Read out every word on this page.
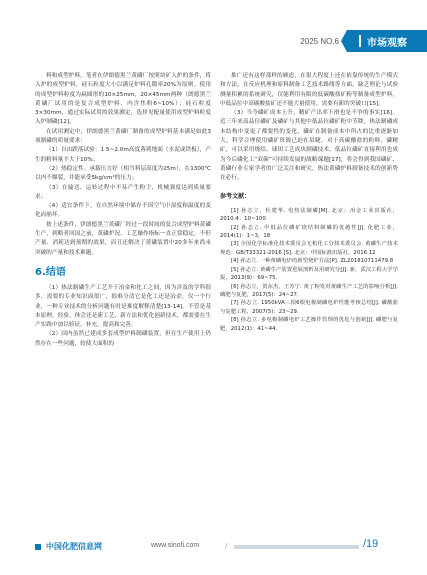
2025 NO.6	市场观察

料和成型炉料。笔者在伊朗德黑兰黄磷厂按照块矿入炉的条件，将入炉的成型炉料，硅石粒度大小以满足炉料孔隙率20%为原则。使用的成型炉料粒度为扁圆形的10×25mm，20×45mm两种（朗德黑兰黄磷厂试用的是复合成型炉料，内含焦粉6~10%）；硅石粒度3×30mm，通过实际试用的效果测定，选择见配量使用成型炉料粒度入炉制磷[12]。

在试用测定中，伊朗德黑兰黄磷厂制备的成型炉料基本满足如此3项制磷的质量要求：

（1）自由跌落试验：1.5~2.0m高度落到地面（水泥或铁板），产生的粉料量不大于10%；

（2）热稳定性、承载压力好（相当料层高度为25m），在1300℃以内不爆裂，并能承受5kg/cm²的压力；

（3）在输送、运转过程中不易产生粉尘，机械强度达到质量要求；

（4）适宜条件下，在自然环境中储存不因空气中湿度和温度的变化而崩坏。

按上述条件，伊朗德黑兰黄磷厂经过一段时间的复合成型炉料黄磷生产，到略者回国之前，黄磷炉况，工艺操作指标一直正常稳定，不但产量、消耗达到预期的效果，而且还解决了黄磷装置中20多年来尚未突破的产量和技术难题。

6.结语

（1）热法制磷生产工艺介于冶金和化工之间，因为涉及的学科很多，需要的专业知识面很广，很难分清它是化工还是冶金，仅一个行业，一种专业技术的分析问题有时是难度解释清楚[13-14]。不管是基本原理，经验，体会还是新工艺、新方法和优化创新技术，都需要在生产实践中加以验证，补充，提高和完善。

（2）国内虽然已建成多套成型炉料制磷装置，但在生产使用上仍然存在一些问题，较使大面积的

推广还有这样那样的顾虑，在很大程度上还在依靠传统的生产模式和方法，在反应机理和原料制备工艺技术路线等方面，缺乏理论与试验测量积累的系统研究，仅能利用有限的低碳酸盐矿粉等制备成型炉料，中低品位中高碳酸盐矿还不能大量使用，需要有新的突破口[15]。

（3）当今磷矿成本上升，精矿产出率下滑也是不争的事实[16]。近三年来高品位磷矿及磷矿与其他中低品位磷矿粉中节降，热法制磷成本结构中变更了都要性的变化，磷矿在制备成本中所占的比重逐渐加大，科学合理使用磷矿资源已迫在眉睫，对于高碳酸盐的粉料，磷精矿，可以采用烧结、球团工艺成块制磷技术，低品位磷矿直接利用也成为今后磷化工“双碳”可持续发展的战略课题[17]，将会得到我国磷矿、黄磷行业专家学者的广泛关注和研究，热法黄磷炉料制备技术的创新势在必行。

参考文献：

[1] 孙志立，杜建华. 电热法制磷[M]. 北京：冶金工业出版社，2010.4：10~100

[2] 孙志立. 中低品位磷矿烧结料制磷的优越性[J]. 化肥工业，2014(1)：1~3，18

[3] 全国化学标准化技术委员会无机化工分技术委员会. 黄磷生产技术规范：GB/T33321-2016 [S]. 北京：中国标准出版社，2016.12

[4] 孙志立. 一种黄磷电炉的新型烧炉方法[P]. ZL201810711479.8

[5] 孙志立. 黄磷生产装置进展剖析及用研究分[J]. 新，武汉工程大学学报，2013(9)：69~75.

[6] 孙志立，贺东杰，王苏宁. 黄了粉发对黄磷生产工艺的影响分析[J]. 磷肥与复肥，2017(5)：24~27.

[7] 孙志立. 1950kVA三相6根电极制磷电炉性能考核总结[J]. 磷酸盐与复肥工程，2007(5)：23~29.

[8] 孙志立. 多电极制磷电炉工艺操作管理的优化与创新[J]. 磷肥与复肥，2012(1)：41~44.

中国化肥信息网	www.sinofi.com	/	/19
